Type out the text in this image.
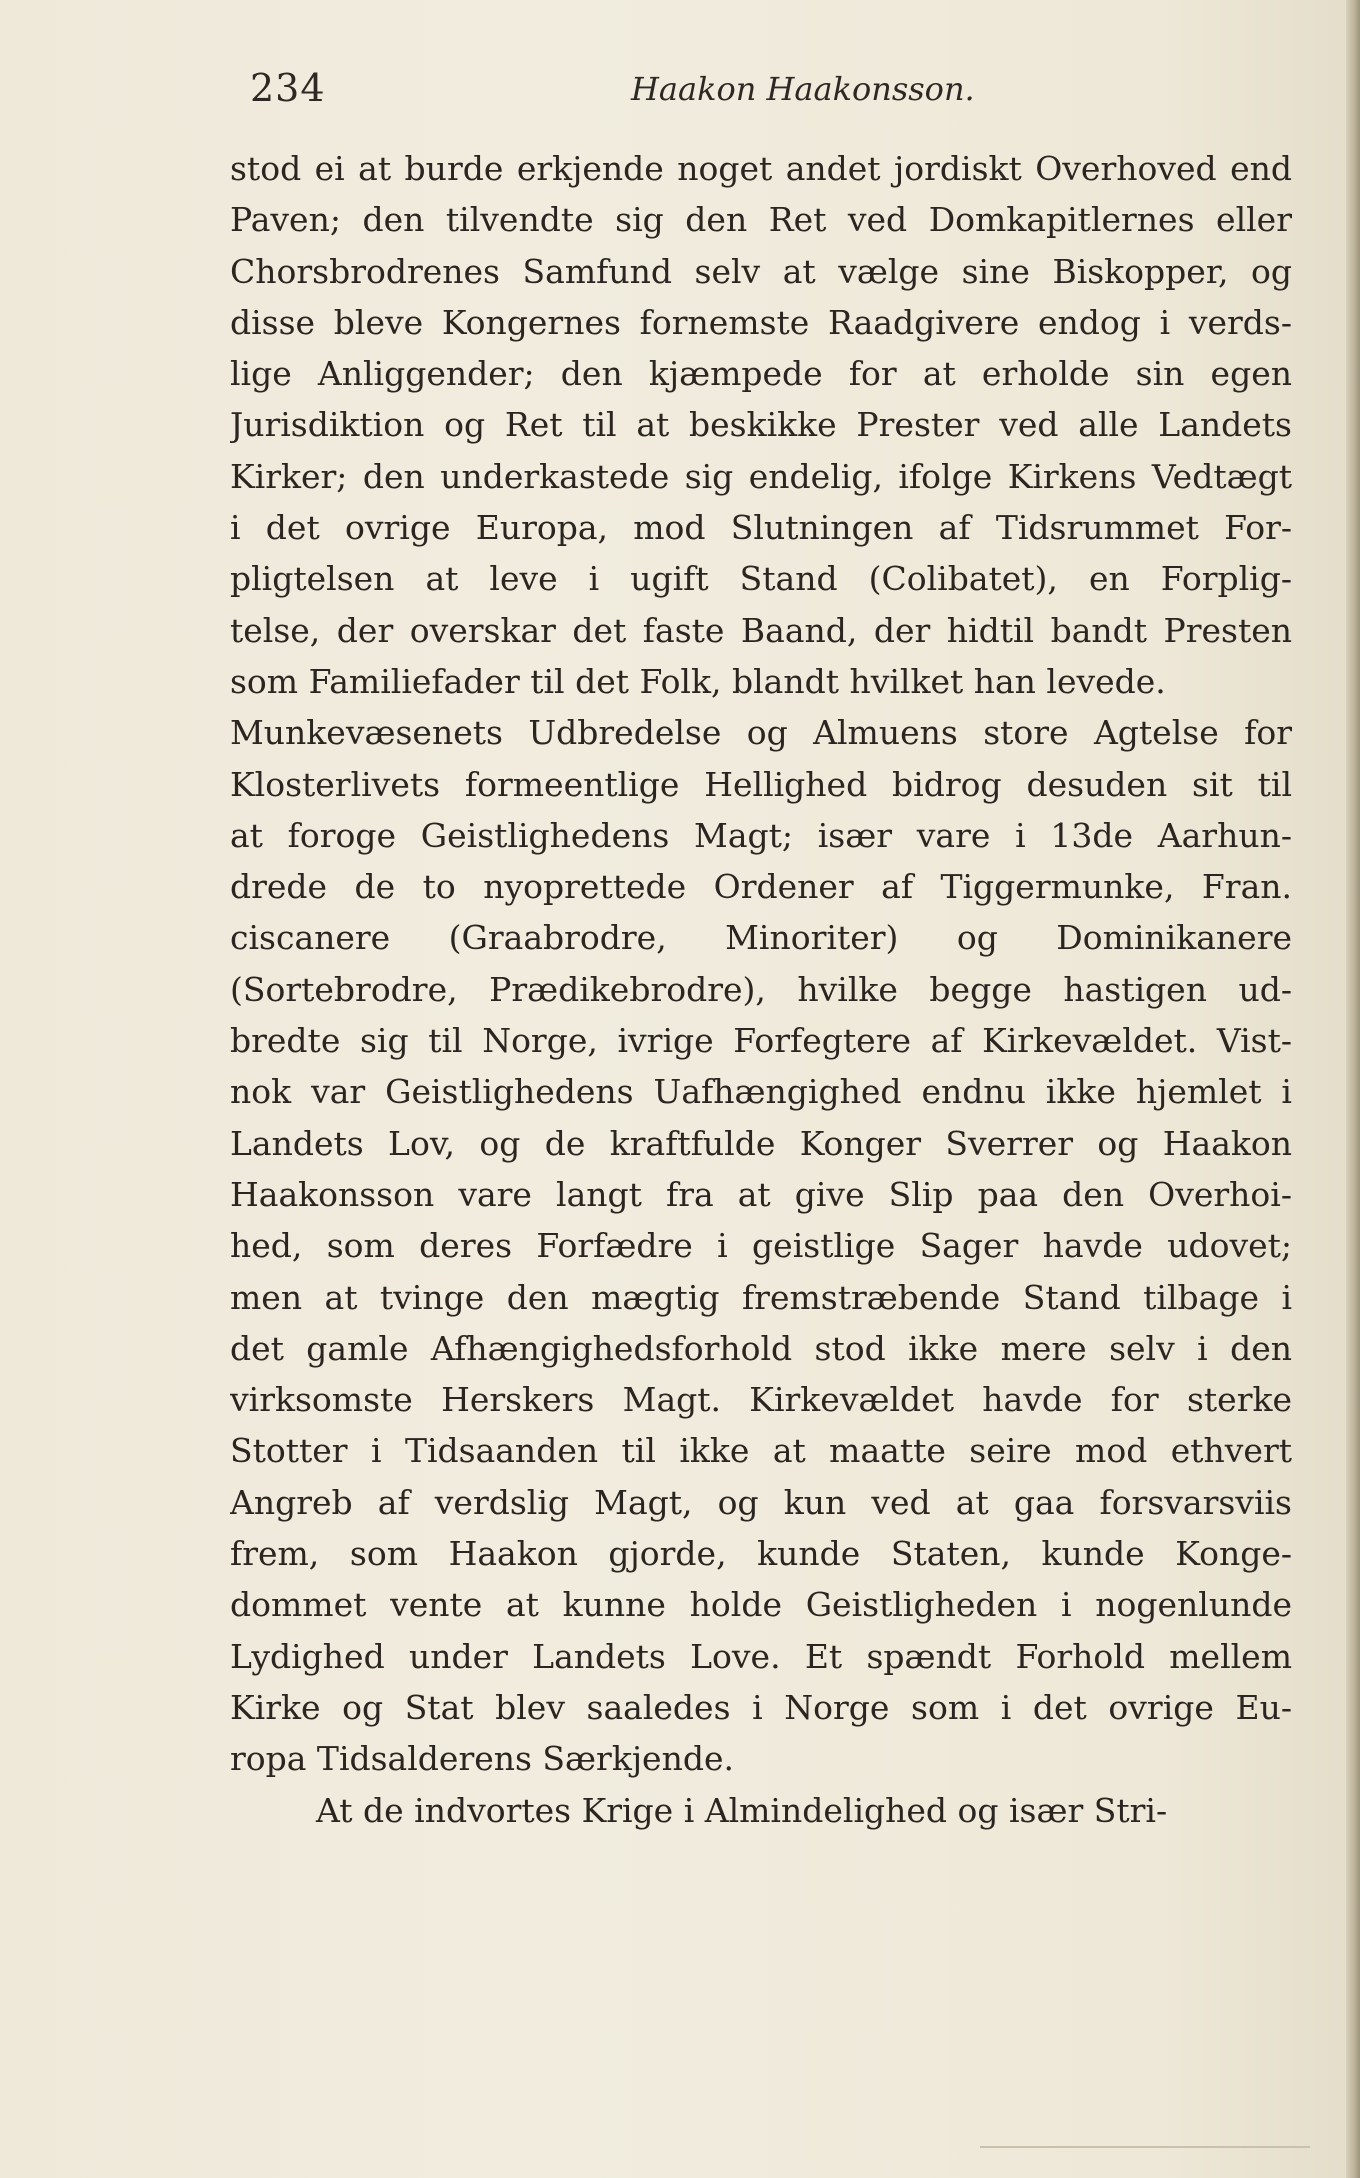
234	Haakon Haakonsson.
stod ei at burde erkjende noget andet jordiskt Overhoved end
Paven; den tilvendte sig den Ret ved Domkapitlernes eller
Chorsbrodrenes Samfund selv at vælge sine Biskopper, og
disse bleve Kongernes fornemste Raadgivere endog i verds-
lige Anliggender; den kjæmpede for at erholde sin egen
Jurisdiktion og Ret til at beskikke Prester ved alle Landets
Kirker; den underkastede sig endelig, ifolge Kirkens Vedtægt
i det ovrige Europa, mod Slutningen af Tidsrummet For-
pligtelsen at leve i ugift Stand (Colibatet), en Forplig-
telse, der overskar det faste Baand, der hidtil bandt Presten
som Familiefader til det Folk, blandt hvilket han levede.
Munkevæsenets Udbredelse og Almuens store Agtelse for
Klosterlivets formeentlige Hellighed bidrog desuden sit til
at foroge Geistlighedens Magt; især vare i 13de Aarhun-
drede de to nyoprettede Ordener af Tiggermunke, Fran.
ciscanere (Graabrodre, Minoriter) og Dominikanere
(Sortebrodre, Prædikebrodre), hvilke begge hastigen ud-
bredte sig til Norge, ivrige Forfegtere af Kirkevældet. Vist-
nok var Geistlighedens Uafhængighed endnu ikke hjemlet i
Landets Lov, og de kraftfulde Konger Sverrer og Haakon
Haakonsson vare langt fra at give Slip paa den Overhoi-
hed, som deres Forfædre i geistlige Sager havde udovet;
men at tvinge den mægtig fremstræbende Stand tilbage i
det gamle Afhængighedsforhold stod ikke mere selv i den
virksomste Herskers Magt. Kirkevældet havde for sterke
Stotter i Tidsaanden til ikke at maatte seire mod ethvert
Angreb af verdslig Magt, og kun ved at gaa forsvarsviis
frem, som Haakon gjorde, kunde Staten, kunde Konge-
dommet vente at kunne holde Geistligheden i nogenlunde
Lydighed under Landets Love. Et spændt Forhold mellem
Kirke og Stat blev saaledes i Norge som i det ovrige Eu-
ropa Tidsalderens Særkjende.
At de indvortes Krige i Almindelighed og især Stri-
